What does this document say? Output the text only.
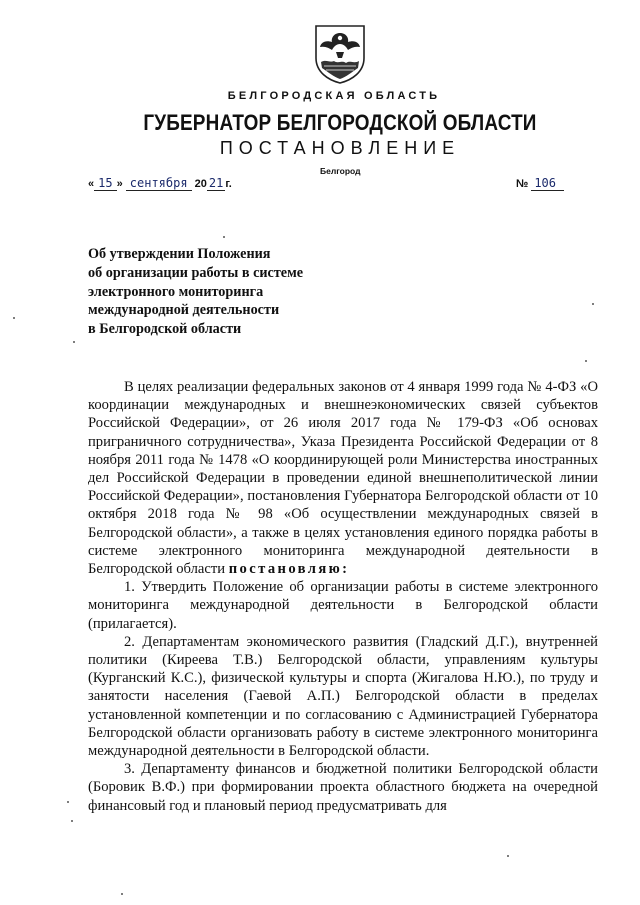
БЕЛГОРОДСКАЯ ОБЛАСТЬ
ГУБЕРНАТОР БЕЛГОРОДСКОЙ ОБЛАСТИ
ПОСТАНОВЛЕНИЕ
Белгород
« 15 » сентября 20 21 г.	№ 106
Об утверждении Положения
об организации работы в системе
электронного мониторинга
международной деятельности
в Белгородской области

В целях реализации федеральных законов от 4 января 1999 года № 4-ФЗ «О координации международных и внешнеэкономических связей субъектов Российской Федерации», от 26 июля 2017 года № 179-ФЗ «Об основах приграничного сотрудничества», Указа Президента Российской Федерации от 8 ноября 2011 года № 1478 «О координирующей роли Министерства иностранных дел Российской Федерации в проведении единой внешнеполитической линии Российской Федерации», постановления Губернатора Белгородской области от 10 октября 2018 года № 98 «Об осуществлении международных связей в Белгородской области», а также в целях установления единого порядка работы в системе электронного мониторинга международной деятельности в Белгородской области постановляю:

1. Утвердить Положение об организации работы в системе электронного мониторинга международной деятельности в Белгородской области (прилагается).

2. Департаментам экономического развития (Гладский Д.Г.), внутренней политики (Киреева Т.В.) Белгородской области, управлениям культуры (Курганский К.С.), физической культуры и спорта (Жигалова Н.Ю.), по труду и занятости населения (Гаевой А.П.) Белгородской области в пределах установленной компетенции и по согласованию с Администрацией Губернатора Белгородской области организовать работу в системе электронного мониторинга международной деятельности в Белгородской области.

3. Департаменту финансов и бюджетной политики Белгородской области (Боровик В.Ф.) при формировании проекта областного бюджета на очередной финансовый год и плановый период предусматривать для
